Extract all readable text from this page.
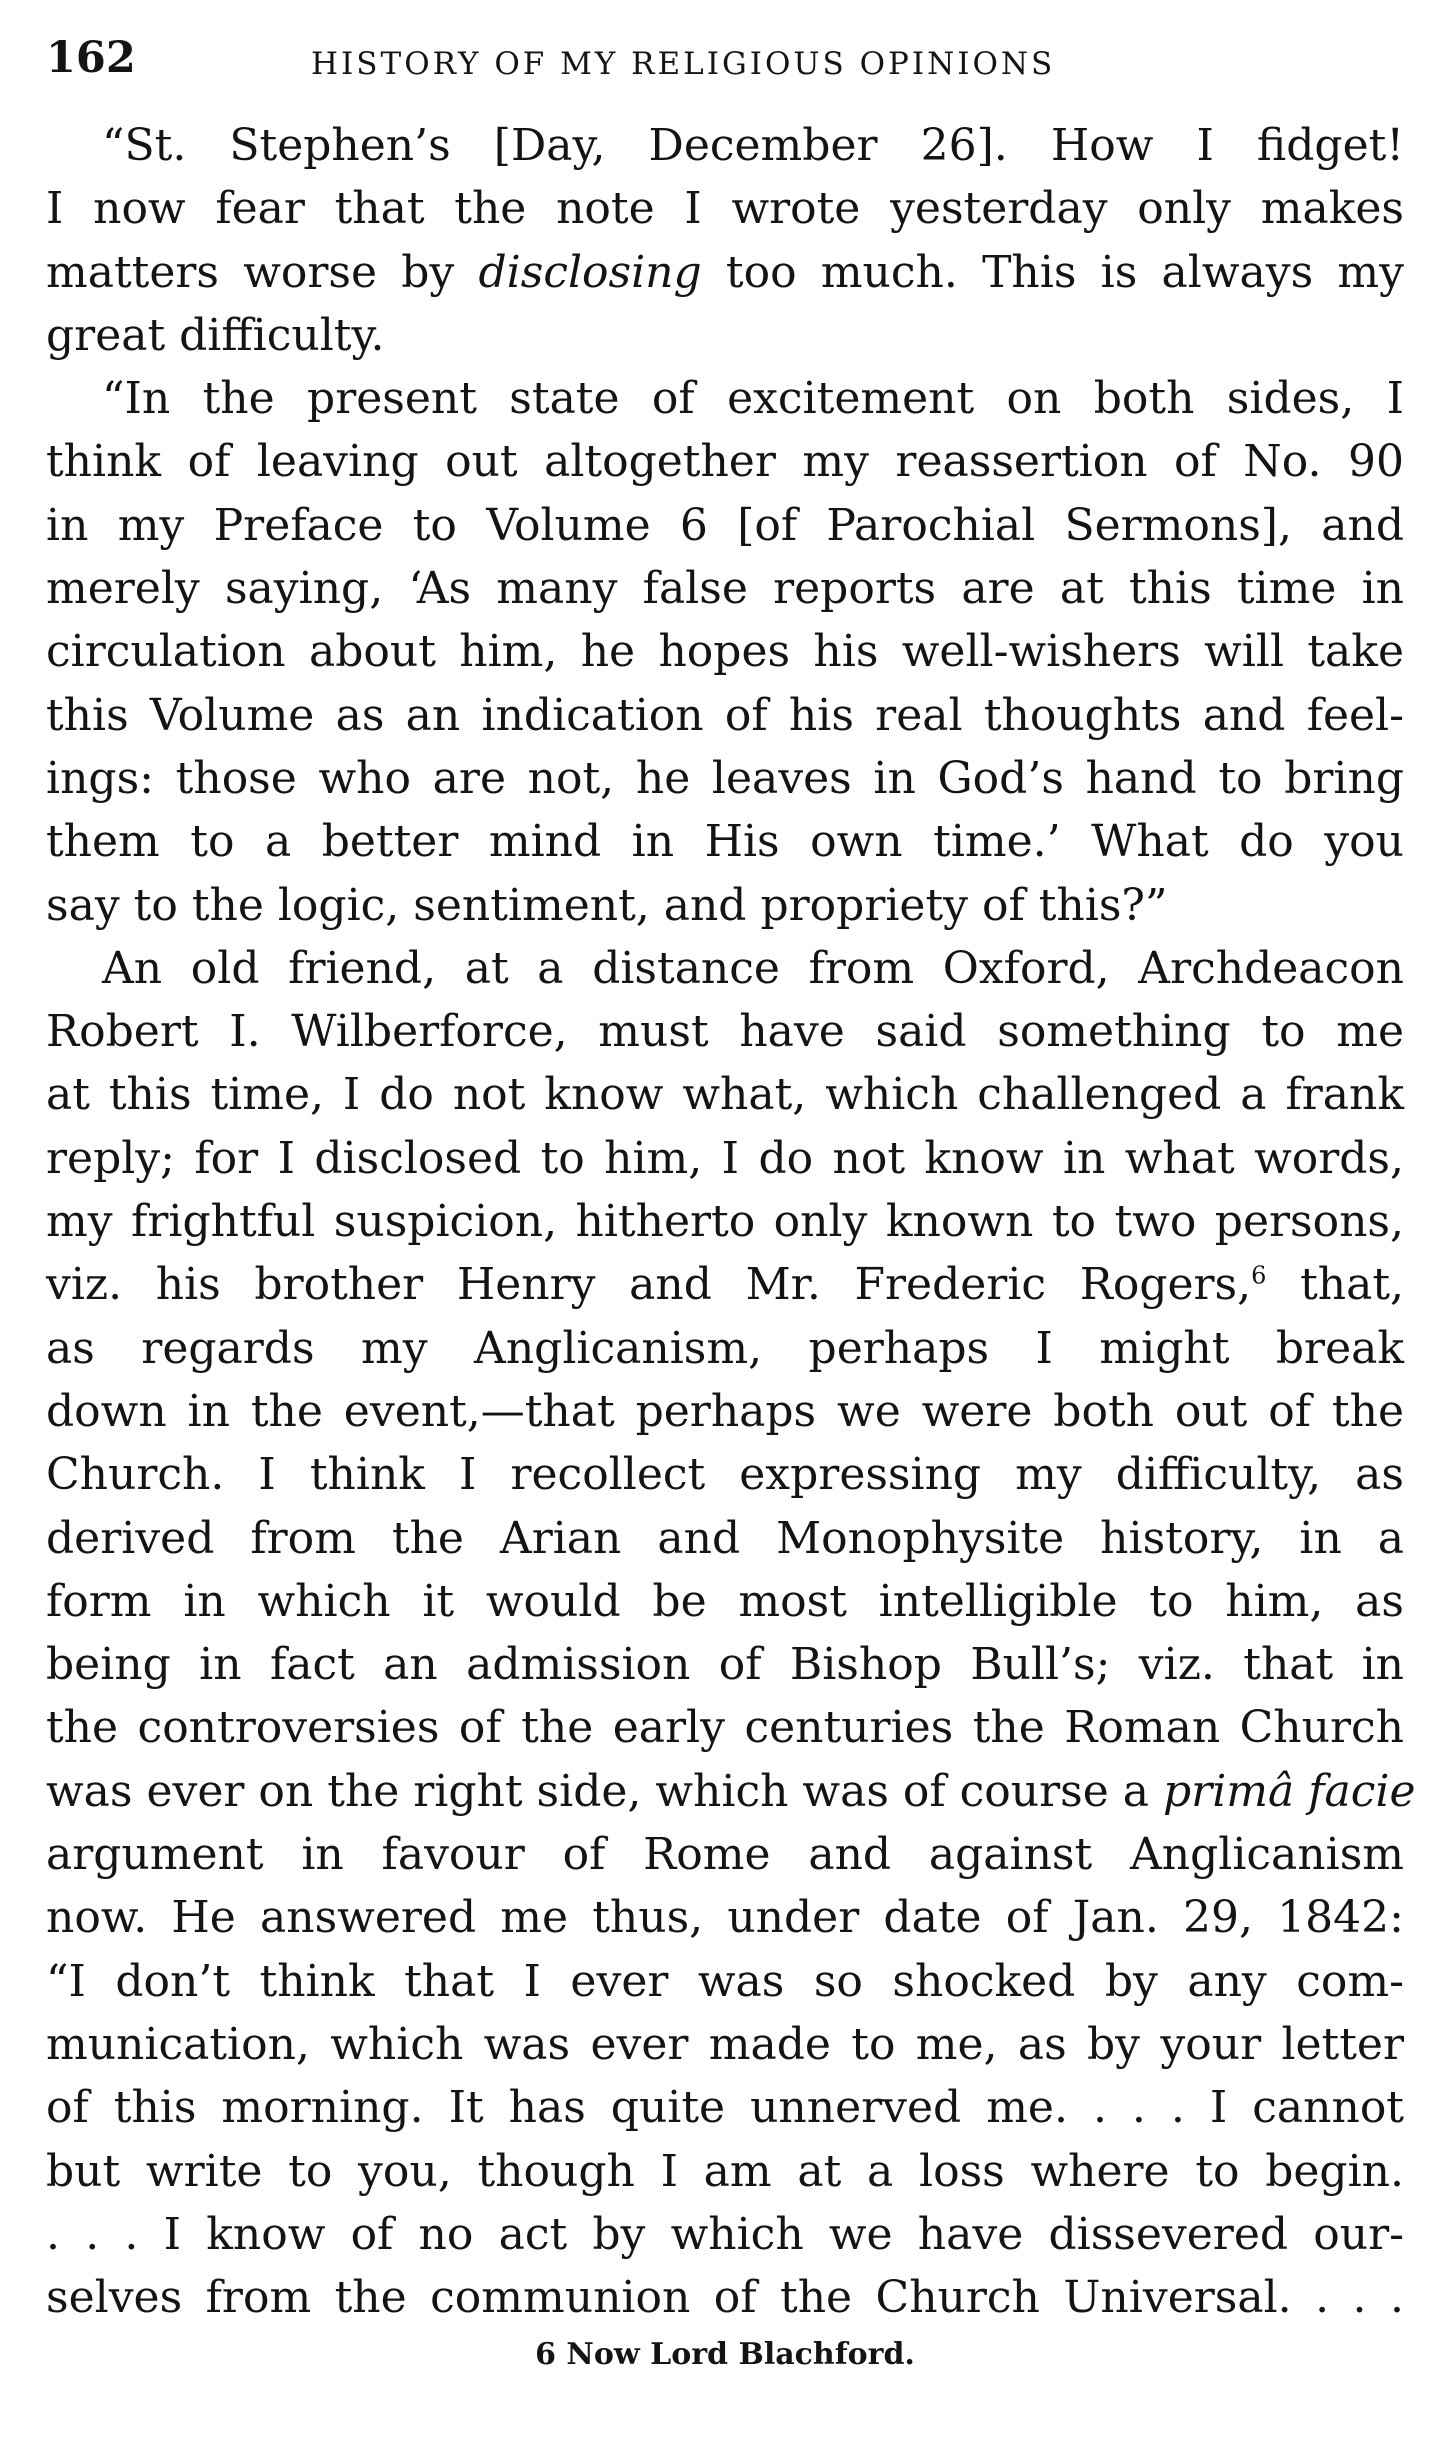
162	HISTORY OF MY RELIGIOUS OPINIONS
“St. Stephen’s [Day, December 26]. How I fidget!
I now fear that the note I wrote yesterday only makes
matters worse by disclosing too much. This is always my
great difficulty.
“In the present state of excitement on both sides, I
think of leaving out altogether my reassertion of No. 90
in my Preface to Volume 6 [of Parochial Sermons], and
merely saying, ‘As many false reports are at this time in
circulation about him, he hopes his well-wishers will take
this Volume as an indication of his real thoughts and feel-
ings: those who are not, he leaves in God’s hand to bring
them to a better mind in His own time.’ What do you
say to the logic, sentiment, and propriety of this?”
An old friend, at a distance from Oxford, Archdeacon
Robert I. Wilberforce, must have said something to me
at this time, I do not know what, which challenged a frank
reply; for I disclosed to him, I do not know in what words,
my frightful suspicion, hitherto only known to two persons,
viz. his brother Henry and Mr. Frederic Rogers,$^6$ that,
as regards my Anglicanism, perhaps I might break
down in the event,—that perhaps we were both out of the
Church. I think I recollect expressing my difficulty, as
derived from the Arian and Monophysite history, in a
form in which it would be most intelligible to him, as
being in fact an admission of Bishop Bull’s; viz. that in
the controversies of the early centuries the Roman Church
was ever on the right side, which was of course a primâ facie
argument in favour of Rome and against Anglicanism
now. He answered me thus, under date of Jan. 29, 1842:
“I don’t think that I ever was so shocked by any com-
munication, which was ever made to me, as by your letter
of this morning. It has quite unnerved me. . . . I cannot
but write to you, though I am at a loss where to begin.
. . . I know of no act by which we have dissevered our-
selves from the communion of the Church Universal. . . .
6 Now Lord Blachford.
